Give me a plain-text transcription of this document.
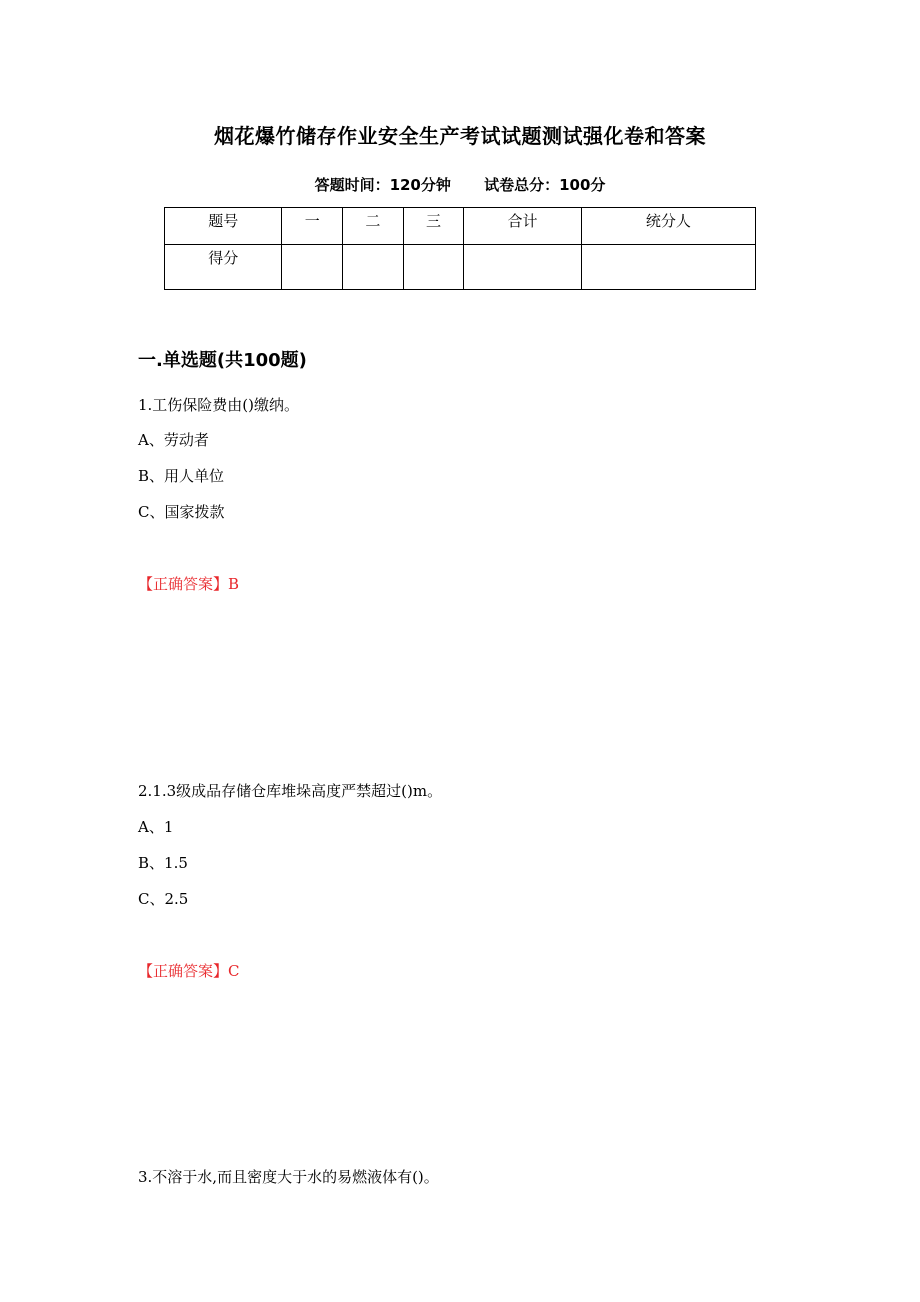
烟花爆竹储存作业安全生产考试试题测试强化卷和答案
答题时间：120分钟 试卷总分：100分
题号	一	二	三	合计	统分人
得分					
一.单选题(共100题)
1.工伤保险费由()缴纳。
A、劳动者
B、用人单位
C、国家拨款
【正确答案】B
2.1.3级成品存储仓库堆垛高度严禁超过()m。
A、1
B、1.5
C、2.5
【正确答案】C
3.不溶于水,而且密度大于水的易燃液体有()。
